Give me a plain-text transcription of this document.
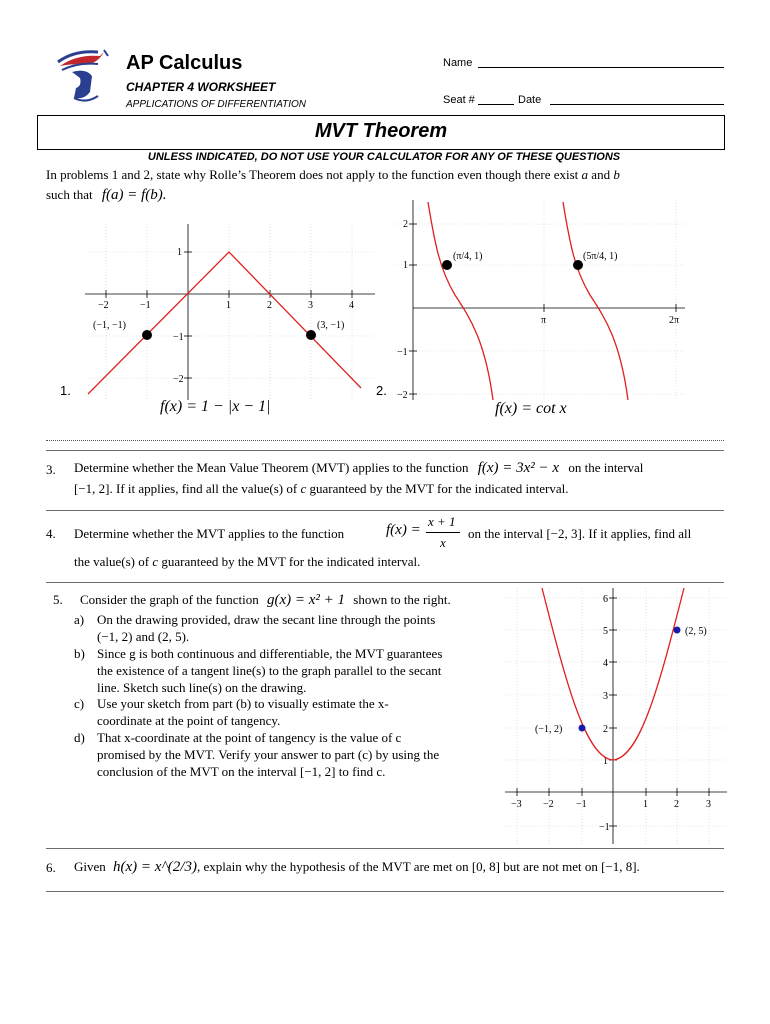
AP Calculus
CHAPTER 4 WORKSHEET
APPLICATIONS OF DIFFERENTIATION
Name
Seat #	Date
MVT Theorem
UNLESS INDICATED, DO NOT USE YOUR CALCULATOR FOR ANY OF THESE QUESTIONS
In problems 1 and 2, state why Rolle’s Theorem does not apply to the function even though there exist a and b
such that f(a) = f(b).
1.
−2	−1	1	2	3	4
1
−1
−2
(−1, −1)	(3, −1)
f(x) = 1 − |x − 1|
2.
2
1
−1
−2
π	2π
(π/4, 1)	(5π/4, 1)
f(x) = cot x
3. Determine whether the Mean Value Theorem (MVT) applies to the function f(x) = 3x² − x on the interval
[−1, 2]. If it applies, find all the value(s) of c guaranteed by the MVT for the indicated interval.
4. Determine whether the MVT applies to the function	f(x) =
x + 1
x
on the interval [−2, 3]. If it applies, find all
the value(s) of c guaranteed by the MVT for the indicated interval.
5. Consider the graph of the function g(x) = x² + 1 shown to the right.
a) On the drawing provided, draw the secant line through the points
(−1, 2) and (2, 5).
b) Since g is both continuous and differentiable, the MVT guarantees
the existence of a tangent line(s) to the graph parallel to the secant
line. Sketch such line(s) on the drawing.
c) Use your sketch from part (b) to visually estimate the x-
coordinate at the point of tangency.
d) That x-coordinate at the point of tangency is the value of c
promised by the MVT. Verify your answer to part (c) by using the
conclusion of the MVT on the interval [−1, 2] to find c.
−3 −2 −1	1	2	3
6
5
4
3
2
1
−1
(−1, 2)
(2, 5)
6. Given h(x) = x^(2/3), explain why the hypothesis of the MVT are met on [0, 8] but are not met on [−1, 8].
